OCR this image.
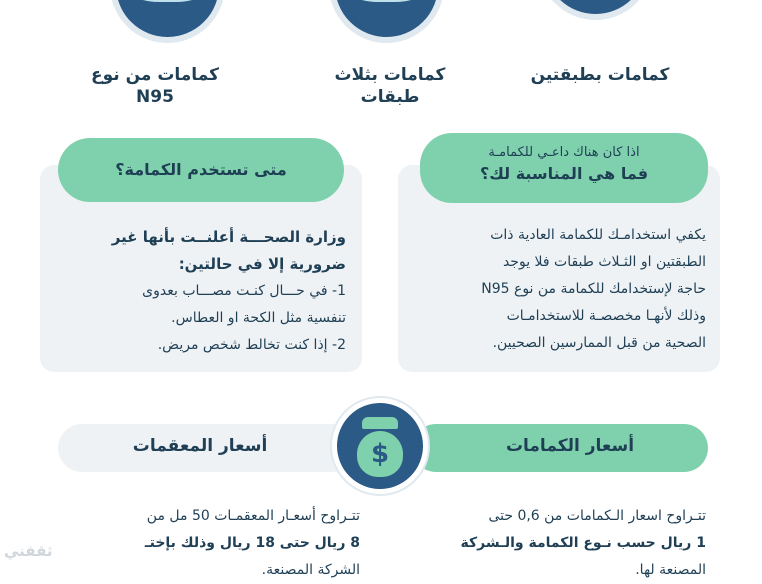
كمامات بطبقتين
كمامات بثلاث
طبقات
كمامات من نوع
N95
اذا كان هناك داعـي للكمامـة
فما هي المناسبة لك؟
يكفي استخدامـك للكمامة العادية ذات
الطبقتين او الثـلاث طبقات فلا يوجد
حاجة لإستخدامك للكمامة من نوع N95
وذلك لأنهـا مخصصـة للاستخدامـات
الصحية من قبل الممارسين الصحيين.
متى تستخدم الكمامة؟
وزارة الصحـــة أعلنــت بأنها غير
ضرورية إلا في حالتين:
1- في حـــال كنـت مصـــاب بعدوى
تنفسية مثل الكحة او العطاس.
2- إذا كنت تخالط شخص مريض.
أسعار المعقمات	أسعار الكمامات
$
تتـراوح اسعار الـكمامات من 0,6 حتى
1 ريال حسب نـوع الكمامة والـشركة
المصنعة لها.
تتـراوح أسعـار المعقمـات 50 مل من
8 ريال حتى 18 ريال وذلك بإختـ
الشركة المصنعة.
ثقفني
